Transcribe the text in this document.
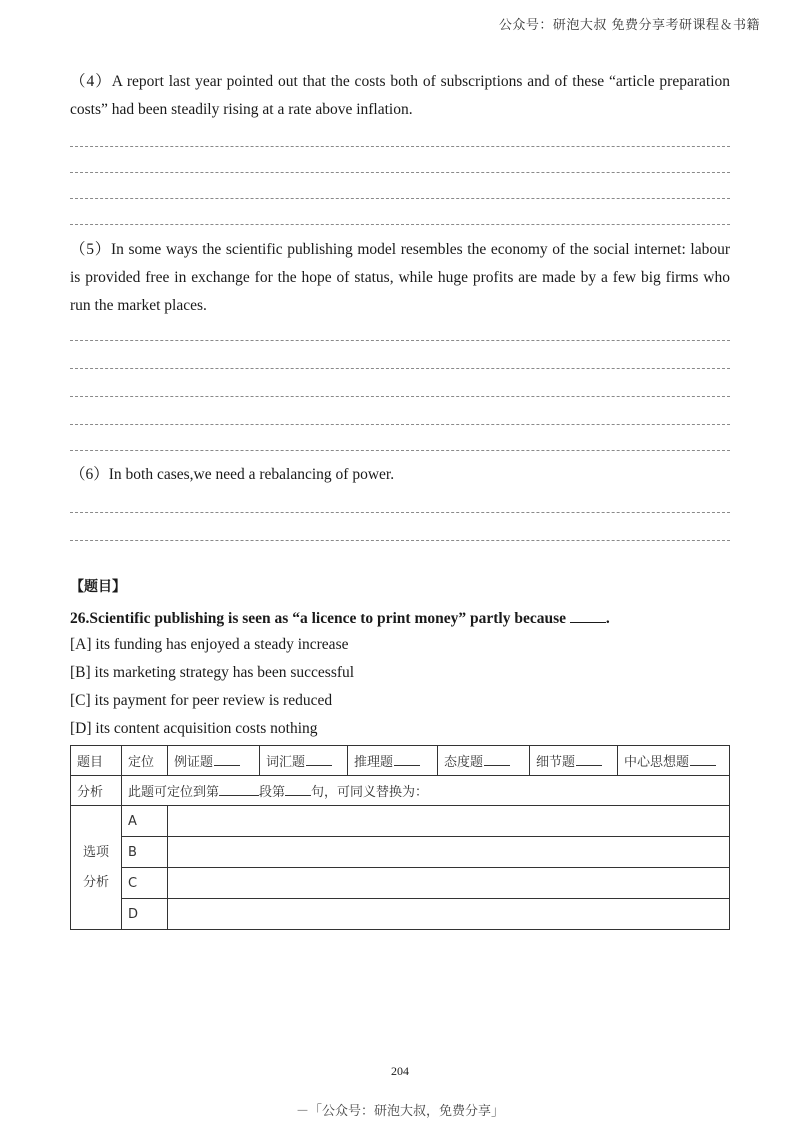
公众号：研泡大叔 免费分享考研课程＆书籍
（4）A report last year pointed out that the costs both of subscriptions and of these “article preparation costs” had been steadily rising at a rate above inflation.
（5）In some ways the scientific publishing model resembles the economy of the social internet: labour is provided free in exchange for the hope of status, while huge profits are made by a few big firms who run the market places.
（6）In both cases,we need a rebalancing of power.
【题目】
26.Scientific publishing is seen as “a licence to print money” partly because	.
[A] its funding has enjoyed a steady increase
[B] its marketing strategy has been successful
[C] its payment for peer review is reduced
[D] its content acquisition costs nothing
题目	定位	例证题	词汇题	推理题	态度题	细节题	中心思想题
分析	此题可定位到第 段第 句，可同义替换为：						

选项
分析	A						
	B						
	C						
	D						
204
－「公众号：研泡大叔，免费分享」
